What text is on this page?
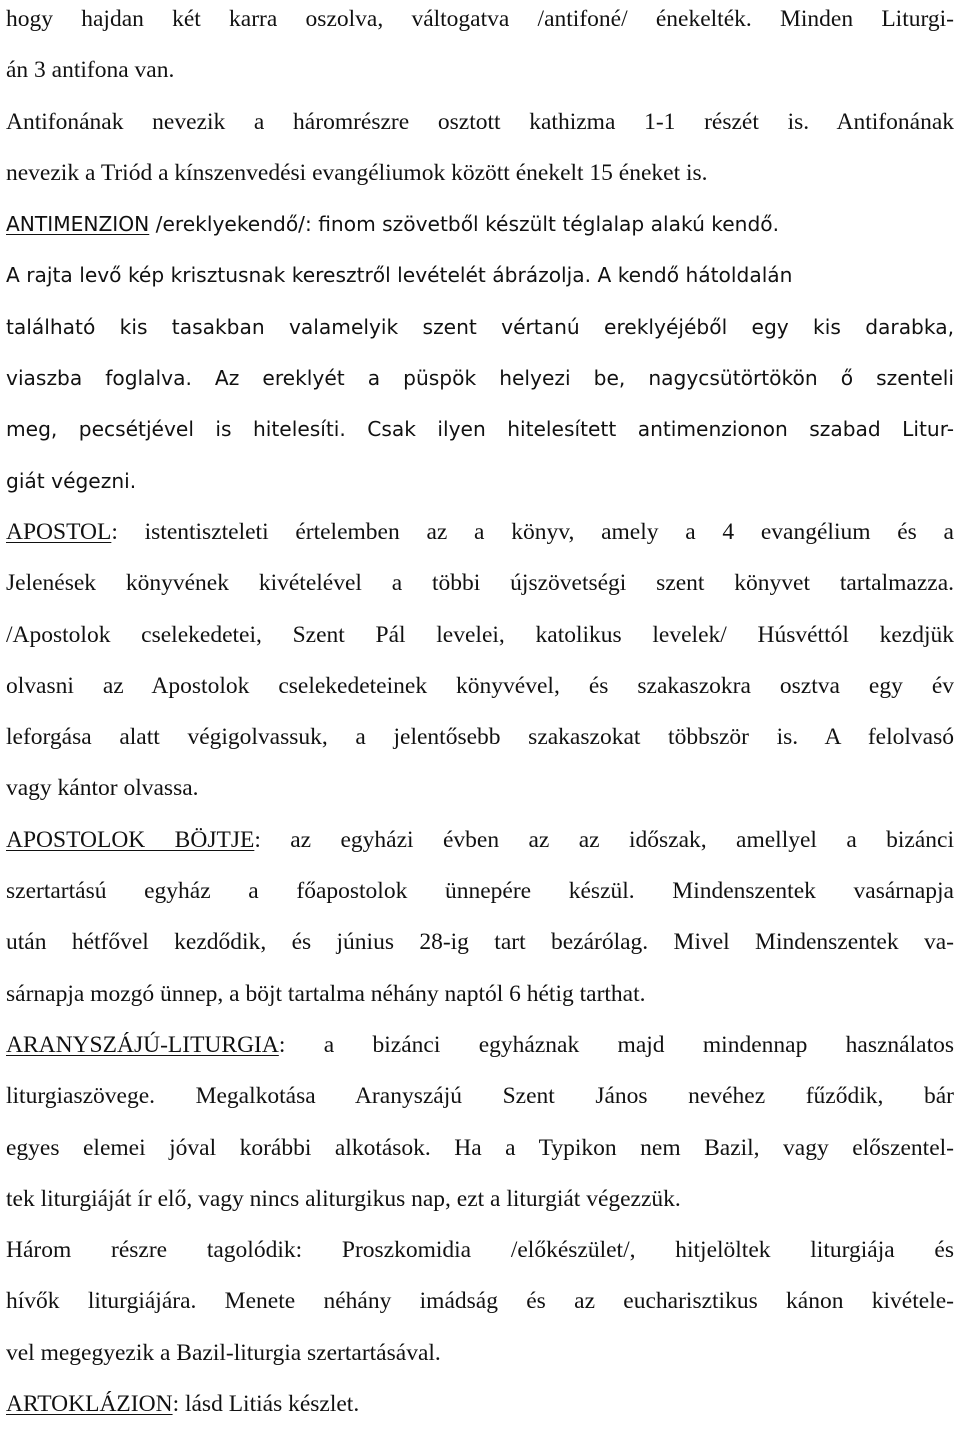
hogy hajdan két karra oszolva, váltogatva /antifoné/ énekelték. Minden Liturgi-
án 3 antifona van.
Antifonának nevezik a háromrészre osztott kathizma 1-1 részét is. Antifonának
nevezik a Triód a kínszenvedési evangéliumok között énekelt 15 éneket is.
ANTIMENZION /ereklyekendő/: finom szövetből készült téglalap alakú kendő.
A rajta levő kép krisztusnak keresztről levételét ábrázolja. A kendő hátoldalán
található kis tasakban valamelyik szent vértanú ereklyéjéből egy kis darabka,
viaszba foglalva. Az ereklyét a püspök helyezi be, nagycsütörtökön ő szenteli
meg, pecsétjével is hitelesíti. Csak ilyen hitelesített antimenzionon szabad Litur-
giát végezni.
APOSTOL: istentiszteleti értelemben az a könyv, amely a 4 evangélium és a
Jelenések könyvének kivételével a többi újszövetségi szent könyvet tartalmazza.
/Apostolok cselekedetei, Szent Pál levelei, katolikus levelek/ Húsvéttól kezdjük
olvasni az Apostolok cselekedeteinek könyvével, és szakaszokra osztva egy év
leforgása alatt végigolvassuk, a jelentősebb szakaszokat többször is. A felolvasó
vagy kántor olvassa.
APOSTOLOK BÖJTJE: az egyházi évben az az időszak, amellyel a bizánci
szertartású egyház a főapostolok ünnepére készül. Mindenszentek vasárnapja
után hétfővel kezdődik, és június 28-ig tart bezárólag. Mivel Mindenszentek va-
sárnapja mozgó ünnep, a böjt tartalma néhány naptól 6 hétig tarthat.
ARANYSZÁJÚ-LITURGIA: a bizánci egyháznak majd mindennap használatos
liturgiaszövege. Megalkotása Aranyszájú Szent János nevéhez fűződik, bár
egyes elemei jóval korábbi alkotások. Ha a Typikon nem Bazil, vagy előszentel-
tek liturgiáját ír elő, vagy nincs aliturgikus nap, ezt a liturgiát végezzük.
Három részre tagolódik: Proszkomidia /előkészület/, hitjelöltek liturgiája és
hívők liturgiájára. Menete néhány imádság és az eucharisztikus kánon kivétele-
vel megegyezik a Bazil-liturgia szertartásával.
ARTOKLÁZION: lásd Litiás készlet.
